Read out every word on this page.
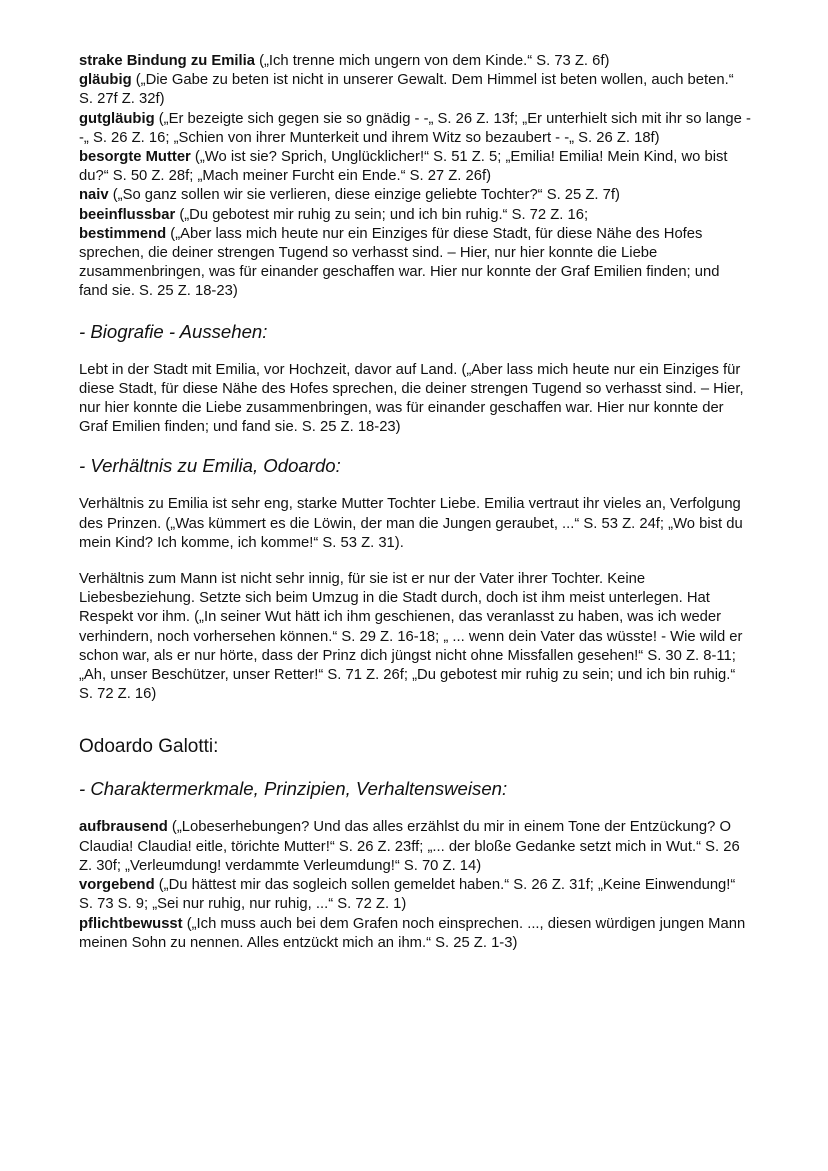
strake Bindung zu Emilia („Ich trenne mich ungern von dem Kinde.“ S. 73 Z. 6f)

gläubig („Die Gabe zu beten ist nicht in unserer Gewalt. Dem Himmel ist beten wollen, auch beten.“ S. 27f Z. 32f)

gutgläubig („Er bezeigte sich gegen sie so gnädig - -„ S. 26 Z. 13f; „Er unterhielt sich mit ihr so lange - -„ S. 26 Z. 16; „Schien von ihrer Munterkeit und ihrem Witz so bezaubert - -„ S. 26 Z. 18f)

besorgte Mutter („Wo ist sie? Sprich, Unglücklicher!“ S. 51 Z. 5; „Emilia! Emilia! Mein Kind, wo bist du?“ S. 50 Z. 28f; „Mach meiner Furcht ein Ende.“ S. 27 Z. 26f)

naiv („So ganz sollen wir sie verlieren, diese einzige geliebte Tochter?“ S. 25 Z. 7f)

beeinflussbar („Du gebotest mir ruhig zu sein; und ich bin ruhig.“ S. 72 Z. 16;

bestimmend („Aber lass mich heute nur ein Einziges für diese Stadt, für diese Nähe des Hofes sprechen, die deiner strengen Tugend so verhasst sind. – Hier, nur hier konnte die Liebe zusammenbringen, was für einander geschaffen war. Hier nur konnte der Graf Emilien finden; und fand sie. S. 25 Z. 18-23)

- Biografie - Aussehen:

Lebt in der Stadt mit Emilia, vor Hochzeit, davor auf Land. („Aber lass mich heute nur ein Einziges für diese Stadt, für diese Nähe des Hofes sprechen, die deiner strengen Tugend so verhasst sind. – Hier, nur hier konnte die Liebe zusammenbringen, was für einander geschaffen war. Hier nur konnte der Graf Emilien finden; und fand sie. S. 25 Z. 18-23)

- Verhältnis zu Emilia, Odoardo:

Verhältnis zu Emilia ist sehr eng, starke Mutter Tochter Liebe. Emilia vertraut ihr vieles an, Verfolgung des Prinzen. („Was kümmert es die Löwin, der man die Jungen geraubet, ...“ S. 53 Z. 24f; „Wo bist du mein Kind? Ich komme, ich komme!“ S. 53 Z. 31).

Verhältnis zum Mann ist nicht sehr innig, für sie ist er nur der Vater ihrer Tochter. Keine Liebesbeziehung. Setzte sich beim Umzug in die Stadt durch, doch ist ihm meist unterlegen. Hat Respekt vor ihm. („In seiner Wut hätt ich ihm geschienen, das veranlasst zu haben, was ich weder verhindern, noch vorhersehen können.“ S. 29 Z. 16-18; „ ... wenn dein Vater das wüsste! - Wie wild er schon war, als er nur hörte, dass der Prinz dich jüngst nicht ohne Missfallen gesehen!“ S. 30 Z. 8-11; „Ah, unser Beschützer, unser Retter!“ S. 71 Z. 26f; „Du gebotest mir ruhig zu sein; und ich bin ruhig.“ S. 72 Z. 16)

Odoardo Galotti:

- Charaktermerkmale, Prinzipien, Verhaltensweisen:

aufbrausend („Lobeserhebungen? Und das alles erzählst du mir in einem Tone der Entzückung? O Claudia! Claudia! eitle, törichte Mutter!“ S. 26 Z. 23ff; „... der bloße Gedanke setzt mich in Wut.“ S. 26 Z. 30f; „Verleumdung! verdammte Verleumdung!“ S. 70 Z. 14)

vorgebend („Du hättest mir das sogleich sollen gemeldet haben.“ S. 26 Z. 31f; „Keine Einwendung!“ S. 73 S. 9; „Sei nur ruhig, nur ruhig, ...“ S. 72 Z. 1)

pflichtbewusst („Ich muss auch bei dem Grafen noch einsprechen. ..., diesen würdigen jungen Mann meinen Sohn zu nennen. Alles entzückt mich an ihm.“ S. 25 Z. 1-3)
